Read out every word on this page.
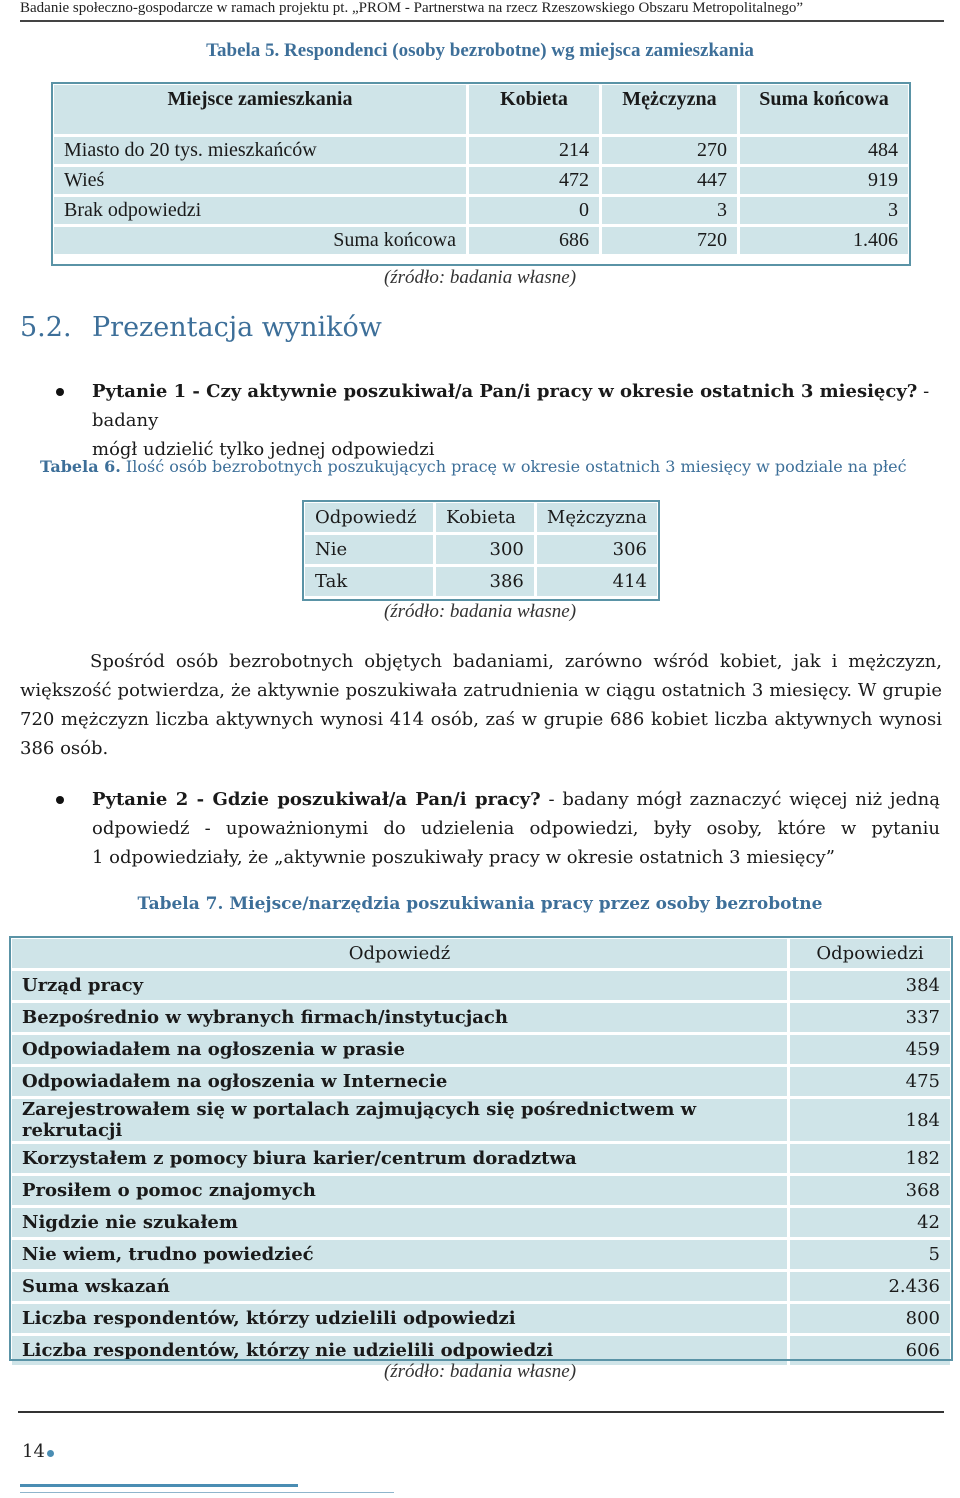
Badanie społeczno-gospodarcze w ramach projektu pt. „PROM - Partnerstwa na rzecz Rzeszowskiego Obszaru Metropolitalnego”
Tabela 5. Respondenci (osoby bezrobotne) wg miejsca zamieszkania
Miejsce zamieszkania	Kobieta	Mężczyzna	Suma końcowa
Miasto do 20 tys. mieszkańców	214	270	484
Wieś	472	447	919
Brak odpowiedzi	0	3	3
Suma końcowa	686	720	1.406
(źródło: badania własne)
5.2. Prezentacja wyników
Pytanie 1 - Czy aktywnie poszukiwał/a Pan/i pracy w okresie ostatnich 3 miesięcy? - badany
mógł udzielić tylko jednej odpowiedzi
Tabela 6. Ilość osób bezrobotnych poszukujących pracę w okresie ostatnich 3 miesięcy w podziale na płeć
Odpowiedź	Kobieta	Mężczyzna
Nie	300	306
Tak	386	414
(źródło: badania własne)
Spośród osób bezrobotnych objętych badaniami, zarówno wśród kobiet, jak i mężczyzn,
większość potwierdza, że aktywnie poszukiwała zatrudnienia w ciągu ostatnich 3 miesięcy. W grupie
720 mężczyzn liczba aktywnych wynosi 414 osób, zaś w grupie 686 kobiet liczba aktywnych wynosi
386 osób.
Pytanie 2 - Gdzie poszukiwał/a Pan/i pracy? - badany mógł zaznaczyć więcej niż jedną
odpowiedź - upoważnionymi do udzielenia odpowiedzi, były osoby, które w pytaniu
1 odpowiedziały, że „aktywnie poszukiwały pracy w okresie ostatnich 3 miesięcy”
Tabela 7. Miejsce/narzędzia poszukiwania pracy przez osoby bezrobotne
Odpowiedź	Odpowiedzi
Urząd pracy	384
Bezpośrednio w wybranych firmach/instytucjach	337
Odpowiadałem na ogłoszenia w prasie	459
Odpowiadałem na ogłoszenia w Internecie	475
Zarejestrowałem się w portalach zajmujących się pośrednictwem w rekrutacji	184
Korzystałem z pomocy biura karier/centrum doradztwa	182
Prosiłem o pomoc znajomych	368
Nigdzie nie szukałem	42
Nie wiem, trudno powiedzieć	5
Suma wskazań	2.436
Liczba respondentów, którzy udzielili odpowiedzi	800
Liczba respondentów, którzy nie udzielili odpowiedzi	606
(źródło: badania własne)
14
